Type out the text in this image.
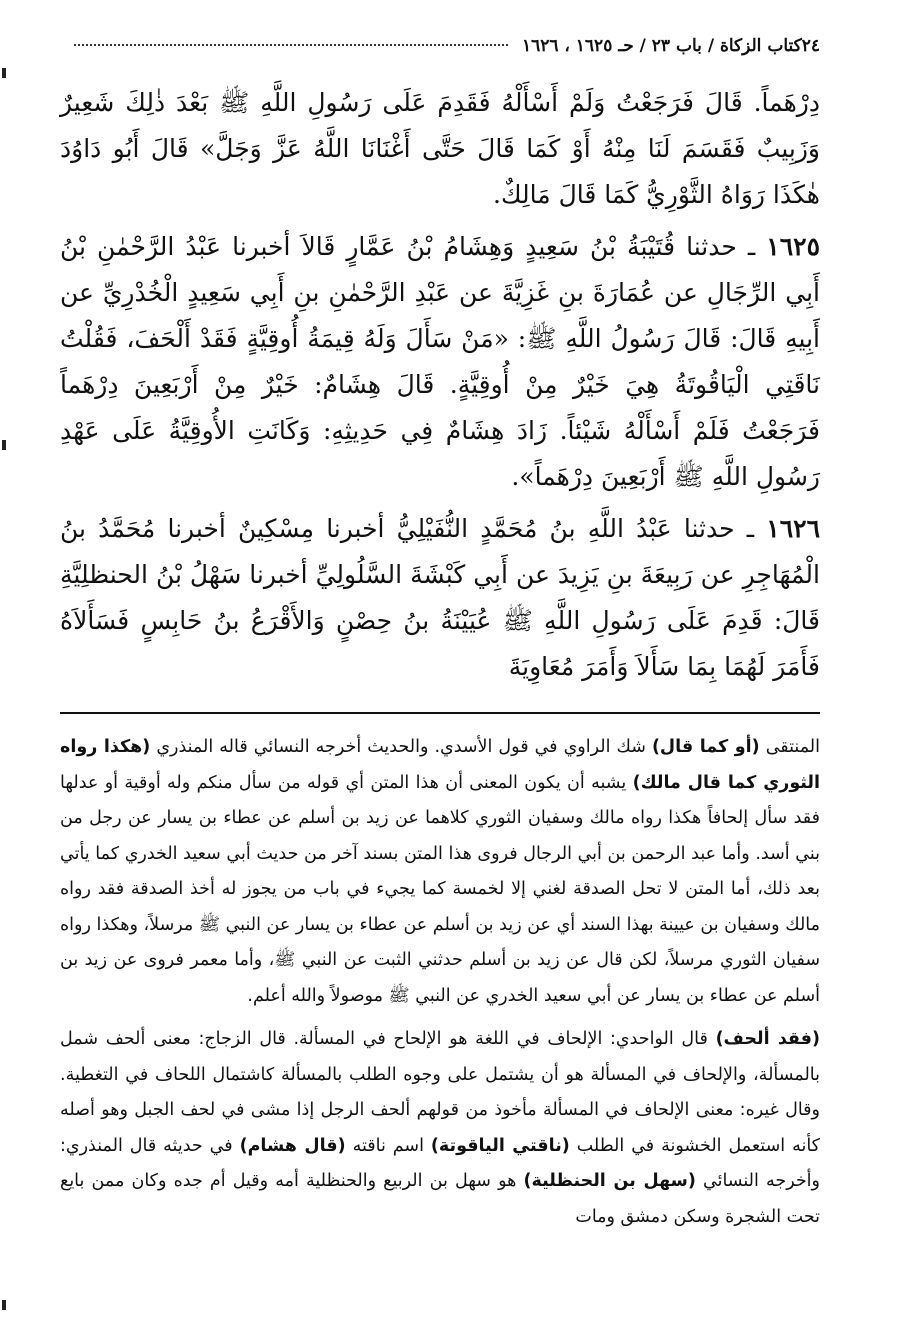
٢٤
كتاب الزكاة / باب ٢٣ / حـ ١٦٢٥ ، ١٦٢٦

دِرْهَماً. قَالَ فَرَجَعْتُ وَلَمْ أَسْأَلْهُ فَقَدِمَ عَلَى رَسُولِ اللَّهِ ﷺ بَعْدَ ذٰلِكَ شَعِيرٌ وَزَبِيبٌ فَقَسَمَ لَنَا مِنْهُ أَوْ كَمَا قَالَ حَتَّى أَغْنَانَا اللَّهُ عَزَّ وَجَلَّ» قَالَ أَبُو دَاوُدَ هٰكَذَا رَوَاهُ الثَّوْرِيُّ كَمَا قَالَ مَالِكٌ.

١٦٢٥ ـ حدثنا قُتَيْبَةُ بْنُ سَعِيدٍ وَهِشَامُ بْنُ عَمَّارٍ قَالاَ أخبرنا عَبْدُ الرَّحْمٰنِ بْنُ أَبِي الرِّجَالِ عن عُمَارَةَ بنِ غَزِيَّةَ عن عَبْدِ الرَّحْمٰنِ بنِ أَبِي سَعِيدٍ الْخُدْرِيِّ عن أَبِيهِ قَالَ: قَالَ رَسُولُ اللَّهِ ﷺ: «مَنْ سَأَلَ وَلَهُ قِيمَةُ أُوقِيَّةٍ فَقَدْ أَلْحَفَ، فَقُلْتُ نَاقَتِي الْيَاقُوتَةُ هِيَ خَيْرٌ مِنْ أُوقِيَّةٍ. قَالَ هِشَامٌ: خَيْرٌ مِنْ أَرْبَعِينَ دِرْهَماً فَرَجَعْتُ فَلَمْ أَسْأَلْهُ شَيْئاً. زَادَ هِشَامٌ فِي حَدِيثِهِ: وَكَانَتِ الأُوقِيَّةُ عَلَى عَهْدِ رَسُولِ اللَّهِ ﷺ أَرْبَعِينَ دِرْهَماً».

١٦٢٦ ـ حدثنا عَبْدُ اللَّهِ بنُ مُحَمَّدٍ النُّفَيْلِيُّ أخبرنا مِسْكِينٌ أخبرنا مُحَمَّدُ بنُ الْمُهَاجِرِ عن رَبِيعَةَ بنِ يَزِيدَ عن أَبِي كَبْشَةَ السَّلُولِيِّ أخبرنا سَهْلُ بْنُ الحنظلِيَّةِ قَالَ: قَدِمَ عَلَى رَسُولِ اللَّهِ ﷺ عُيَيْنَةُ بنُ حِصْنٍ وَالأَقْرَعُ بنُ حَابِسٍ فَسَأَلاَهُ فَأَمَرَ لَهُمَا بِمَا سَأَلاَ وَأَمَرَ مُعَاوِيَةَ

المنتقى (أو كما قال) شك الراوي في قول الأسدي. والحديث أخرجه النسائي قاله المنذري (هكذا رواه الثوري كما قال مالك) يشبه أن يكون المعنى أن هذا المتن أي قوله من سأل منكم وله أوقية أو عدلها فقد سأل إلحافاً هكذا رواه مالك وسفيان الثوري كلاهما عن زيد بن أسلم عن عطاء بن يسار عن رجل من بني أسد. وأما عبد الرحمن بن أبي الرجال فروى هذا المتن بسند آخر من حديث أبي سعيد الخدري كما يأتي بعد ذلك، أما المتن لا تحل الصدقة لغني إلا لخمسة كما يجيء في باب من يجوز له أخذ الصدقة فقد رواه مالك وسفيان بن عيينة بهذا السند أي عن زيد بن أسلم عن عطاء بن يسار عن النبي ﷺ مرسلاً، وهكذا رواه سفيان الثوري مرسلاً، لكن قال عن زيد بن أسلم حدثني الثبت عن النبي ﷺ، وأما معمر فروى عن زيد بن أسلم عن عطاء بن يسار عن أبي سعيد الخدري عن النبي ﷺ موصولاً والله أعلم.

(فقد ألحف) قال الواحدي: الإلحاف في اللغة هو الإلحاح في المسألة. قال الزجاج: معنى ألحف شمل بالمسألة، والإلحاف في المسألة هو أن يشتمل على وجوه الطلب بالمسألة كاشتمال اللحاف في التغطية. وقال غيره: معنى الإلحاف في المسألة مأخوذ من قولهم ألحف الرجل إذا مشى في لحف الجبل وهو أصله كأنه استعمل الخشونة في الطلب (ناقتي الياقوتة) اسم ناقته (قال هشام) في حديثه قال المنذري: وأخرجه النسائي (سهل بن الحنظلية) هو سهل بن الربيع والحنظلية أمه وقيل أم جده وكان ممن بايع تحت الشجرة وسكن دمشق ومات
